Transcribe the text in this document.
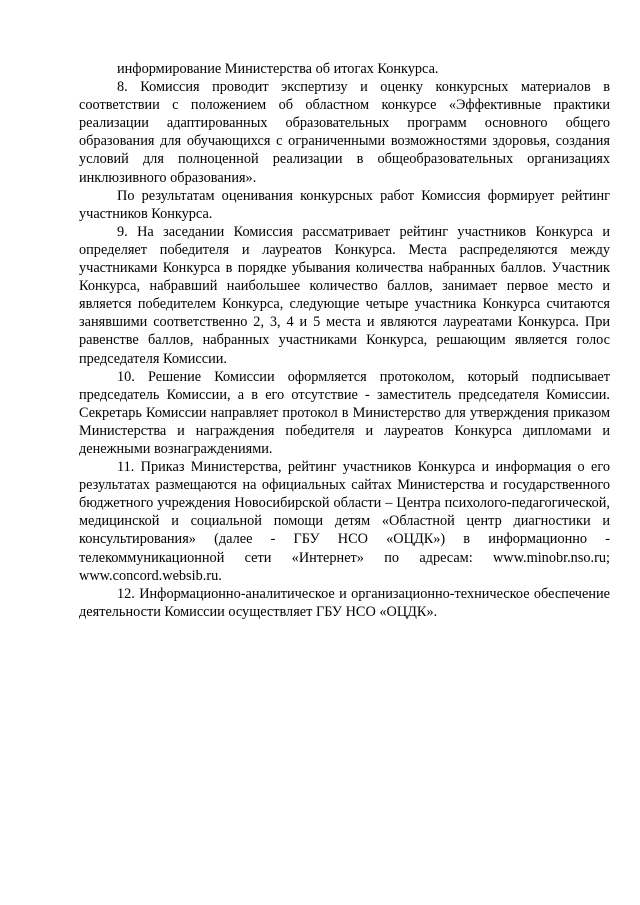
информирование Министерства об итогах Конкурса.

8. Комиссия проводит экспертизу и оценку конкурсных материалов в соответствии с положением об областном конкурсе «Эффективные практики реализации адаптированных образовательных программ основного общего образования для обучающихся с ограниченными возможностями здоровья, создания условий для полноценной реализации в общеобразовательных организациях инклюзивного образования».

По результатам оценивания конкурсных работ Комиссия формирует рейтинг участников Конкурса.

9. На заседании Комиссия рассматривает рейтинг участников Конкурса и определяет победителя и лауреатов Конкурса. Места распределяются между участниками Конкурса в порядке убывания количества набранных баллов. Участник Конкурса, набравший наибольшее количество баллов, занимает первое место и является победителем Конкурса, следующие четыре участника Конкурса считаются занявшими соответственно 2, 3, 4 и 5 места и являются лауреатами Конкурса. При равенстве баллов, набранных участниками Конкурса, решающим является голос председателя Комиссии.

10. Решение Комиссии оформляется протоколом, который подписывает председатель Комиссии, а в его отсутствие - заместитель председателя Комиссии. Секретарь Комиссии направляет протокол в Министерство для утверждения приказом Министерства и награждения победителя и лауреатов Конкурса дипломами и денежными вознаграждениями.

11. Приказ Министерства, рейтинг участников Конкурса и информация о его результатах размещаются на официальных сайтах Министерства и государственного бюджетного учреждения Новосибирской области – Центра психолого-педагогической, медицинской и социальной помощи детям «Областной центр диагностики и консультирования» (далее - ГБУ НСО «ОЦДК») в информационно - телекоммуникационной сети «Интернет» по адресам: www.minobr.nso.ru; www.concord.websib.ru.

12. Информационно-аналитическое и организационно-техническое обеспечение деятельности Комиссии осуществляет ГБУ НСО «ОЦДК».
